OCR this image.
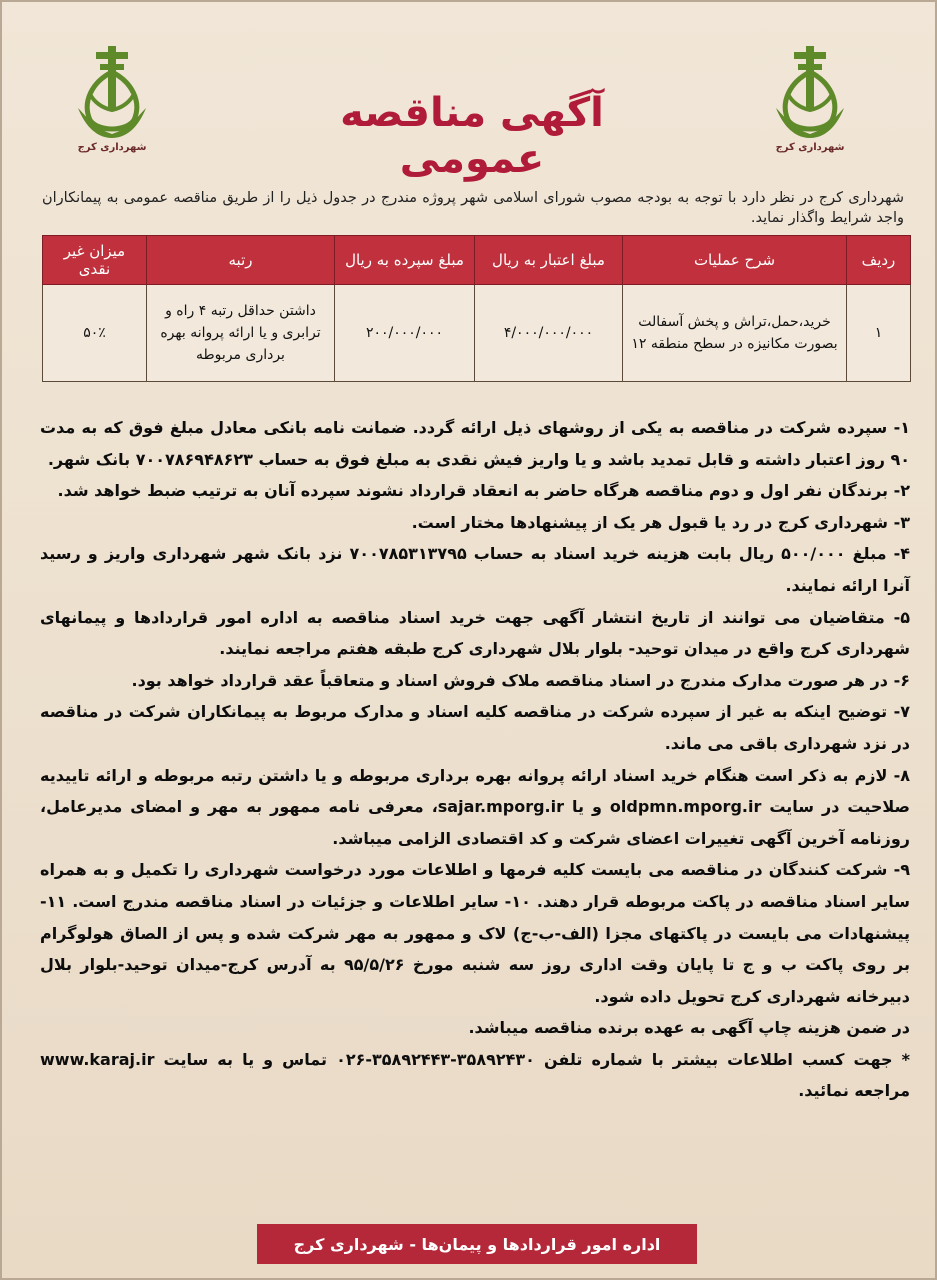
شهرداری کرج	شهرداری کرج
آگهی مناقصه عمومی
شهرداری کرج در نظر دارد با توجه به بودجه مصوب شورای اسلامی شهر پروژه مندرج در جدول ذیل را از طریق مناقصه عمومی به پیمانکاران واجد شرایط واگذار نماید.
ردیف	شرح عملیات	مبلغ اعتبار به ریال	مبلغ سپرده به ریال	رتبه	میزان غیر نقدی
۱	خرید،حمل،تراش و پخش آسفالت بصورت مکانیزه در سطح منطقه ۱۲	۴/۰۰۰/۰۰۰/۰۰۰	۲۰۰/۰۰۰/۰۰۰	داشتن حداقل رتبه ۴ راه و ترابری و یا ارائه پروانه بهره برداری مربوطه	۵۰٪

۱- سپرده شرکت در مناقصه به یکی از روشهای ذیل ارائه گردد. ضمانت نامه بانکی معادل مبلغ فوق که به مدت ۹۰ روز اعتبار داشته و قابل تمدید باشد و یا واریز فیش نقدی به مبلغ فوق به حساب ۷۰۰۷۸۶۹۴۸۶۲۳ بانک شهر.

۲- برندگان نفر اول و دوم مناقصه هرگاه حاضر به انعقاد قرارداد نشوند سپرده آنان به ترتیب ضبط خواهد شد.

۳- شهرداری کرج در رد یا قبول هر یک از پیشنهادها مختار است.

۴- مبلغ ۵۰۰/۰۰۰ ریال بابت هزینه خرید اسناد به حساب ۷۰۰۷۸۵۳۱۳۷۹۵ نزد بانک شهر شهرداری واریز و رسید آنرا ارائه نمایند.

۵- متقاضیان می توانند از تاریخ انتشار آگهی جهت خرید اسناد مناقصه به اداره امور قراردادها و پیمانهای شهرداری کرج واقع در میدان توحید- بلوار بلال شهرداری کرج طبقه هفتم مراجعه نمایند.

۶- در هر صورت مدارک مندرج در اسناد مناقصه ملاک فروش اسناد و متعاقباً عقد قرارداد خواهد بود.

۷- توضیح اینکه به غیر از سپرده شرکت در مناقصه کلیه اسناد و مدارک مربوط به پیمانکاران شرکت در مناقصه در نزد شهرداری باقی می ماند.

۸- لازم به ذکر است هنگام خرید اسناد ارائه پروانه بهره برداری مربوطه و یا داشتن رتبه مربوطه و ارائه تاییدیه صلاحیت در سایت oldpmn.mporg.ir و یا sajar.mporg.ir، معرفی نامه ممهور به مهر و امضای مدیرعامل، روزنامه آخرین آگهی تغییرات اعضای شرکت و کد اقتصادی الزامی میباشد.

۹- شرکت کنندگان در مناقصه می بایست کلیه فرمها و اطلاعات مورد درخواست شهرداری را تکمیل و به همراه سایر اسناد مناقصه در پاکت مربوطه قرار دهند. ۱۰- سایر اطلاعات و جزئیات در اسناد مناقصه مندرج است. ۱۱- پیشنهادات می بایست در پاکتهای مجزا (الف-ب-ج) لاک و ممهور به مهر شرکت شده و پس از الصاق هولوگرام بر روی پاکت ب و ج تا پایان وقت اداری روز سه شنبه مورخ ۹۵/۵/۲۶ به آدرس کرج-میدان توحید-بلوار بلال دبیرخانه شهرداری کرج تحویل داده شود.

در ضمن هزینه چاپ آگهی به عهده برنده مناقصه میباشد.

* جهت کسب اطلاعات بیشتر با شماره تلفن ۳۵۸۹۲۴۳۰-۳۵۸۹۲۴۴۳-۰۲۶ تماس و یا به سایت www.karaj.ir مراجعه نمائید.

اداره امور قراردادها و پیمان‌ها - شهرداری کرج
